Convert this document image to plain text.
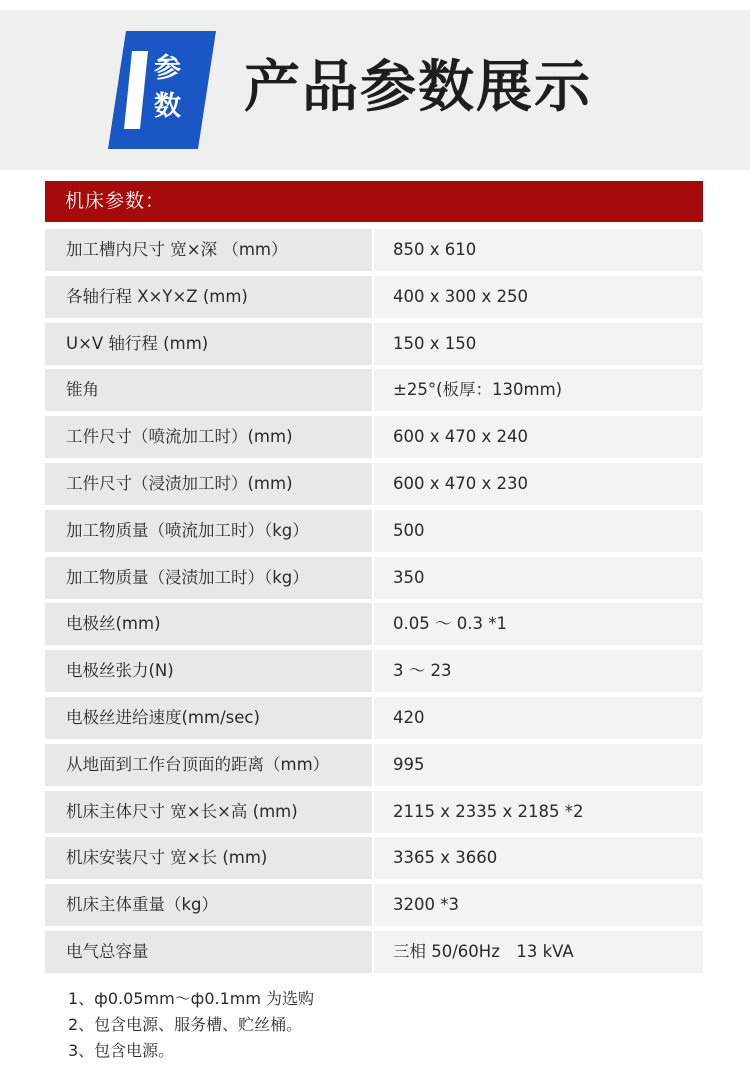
参
数 产品参数展示
机床参数：
加工槽内尺寸 宽×深 （mm）	850 x 610
各轴行程 X×Y×Z (mm)	400 x 300 x 250
U×V 轴行程 (mm)	150 x 150
锥角	±25°(板厚：130mm)
工件尺寸（喷流加工时）(mm)	600 x 470 x 240
工件尺寸（浸渍加工时）(mm)	600 x 470 x 230
加工物质量（喷流加工时）（kg）	500
加工物质量（浸渍加工时）（kg）	350
电极丝(mm)	0.05 ～ 0.3 *1
电极丝张力(N)	3 ～ 23
电极丝进给速度(mm/sec)	420
从地面到工作台顶面的距离（mm）	995
机床主体尺寸 宽×长×高 (mm)	2115 x 2335 x 2185 *2
机床安装尺寸 宽×长 (mm)	3365 x 3660
机床主体重量（kg）	3200 *3
电气总容量	三相 50/60Hz　13 kVA
1、ф0.05mm～ф0.1mm 为选购
2、包含电源、服务槽、贮丝桶。
3、包含电源。
